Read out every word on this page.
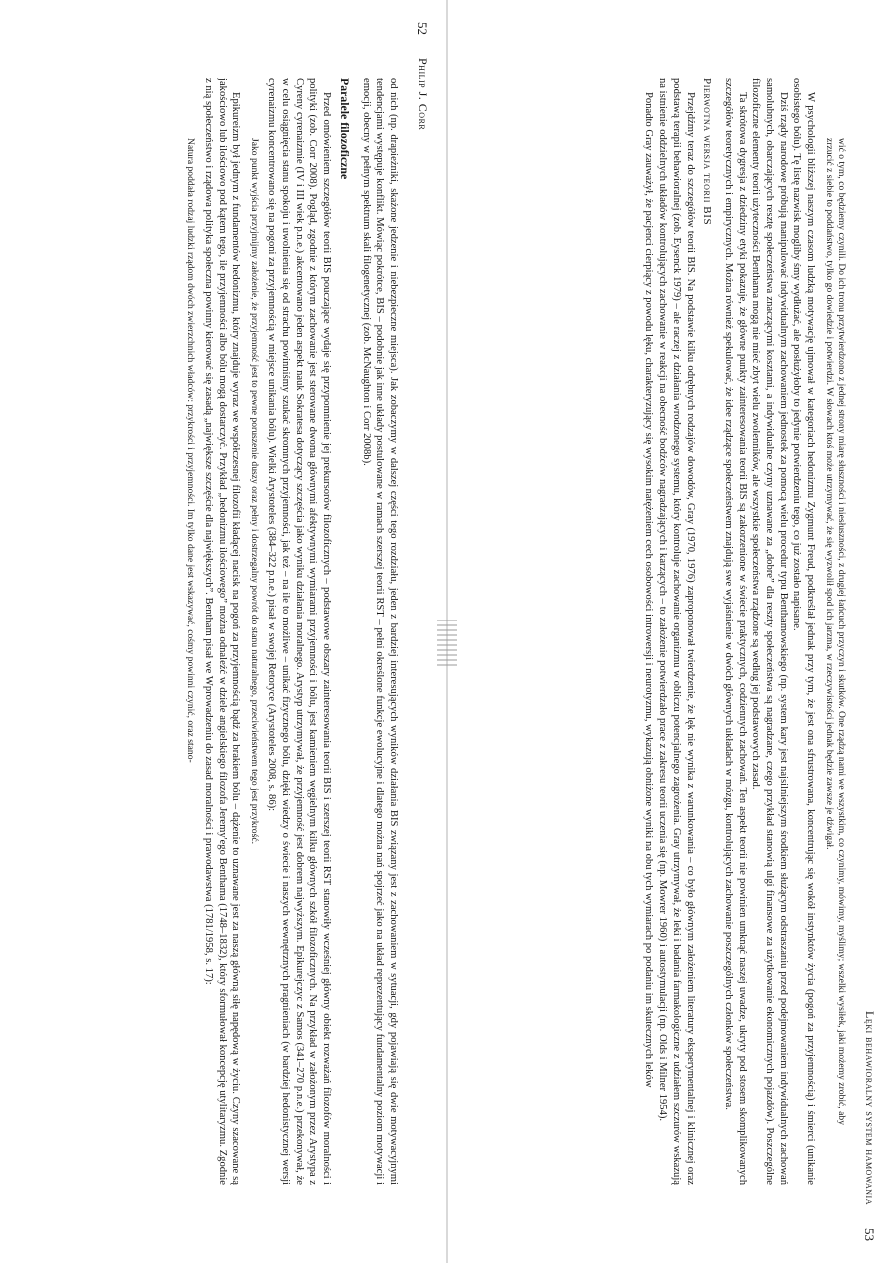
52
Philip J. Corr

od nich (np. drapieżniki, skażone jedzenie i niebezpieczne miejsca). Jak zobaczymy w dalszej części tego rozdziału, jeden z bardziej interesujących wyników działania BIS związany jest z zachowaniem w sytuacji, gdy pojawiają się dwie motywacyjnymi tendencjami występuje konflikt. Mówiąc pokrótce, BIS – podobnie jak inne układy postulowane w ramach szerszej teorii RST – pełni określone funkcje ewolucyjne i dlatego można nań spojrzeć jako na układ reprezentujący fundamentalny poziom motywacji i emocji, obecny w pełnym spektrum skali filogenetycznej (zob. McNaughton i Corr 2008b).

Paralele filozoficzne

Przed omówieniem szczegółów teorii BIS pouczające wydaje się przypomnienie jej prekursorów filozoficznych – podstawowe obszary zainteresowania teorii BIS i szerszej teorii RST stanowiły wcześniej główny obiekt rozważań filozofów moralności i polityki (zob. Corr 2008). Pogląd, zgodnie z którym zachowanie jest sterowane dwoma głównymi afektywnymi wymiarami przyjemności i bólu, jest kamieniem węgielnym kilku głównych szkół filozoficznych. Na przykład w założonym przez Arystypa z Cyreny cyrenaizmie (IV i III wiek p.n.e.) akcentowano jeden aspekt nauk Sokratesa dotyczący szczęścia jako wyniku działania moralnego. Arystyp utrzymywał, że przyjemność jest dobrem najwyższym. Epikurejczyc z Samos (341–270 p.n.e.) przekonywał, że w celu osiągnięcia stanu spokoju i uwolnienia się od strachu powinniśmy szukać skromnych przyjemności, jak też – na ile to możliwe – unikać fizycznego bólu, dzięki wiedzy o świecie i naszych wewnętrznych pragnieniach (w bardziej hedonistycznej wersji cyrenaizmu koncentrowano się na pogoni za przyjemnością w miejsce unikania bólu). Wielki Arystoteles (384–322 p.n.e.) pisał w swojej Retoryce (Arystoteles 2008, s. 86):

Jako punkt wyjścia przyjmijmy założenie, że przyjemność jest to pewne poruszenie duszy oraz pełny i dostrzegalny powrót do stanu naturalnego, przeciwieństwem tego jest przykrość.

Epikureizm był jednym z fundamentów hedonizmu, który znajduje wyraz we współczesnej filozofii kładącej nacisk na pogoń za przyjemnością bądź za brakiem bólu – dążenie to uznawane jest za naszą główną siłę napędową w życiu. Czyny szacowane są jakościowo lub ilościowo pod kątem tego, ile przyjemności albo bólu mogą dostarczyć. Przykład „hedonizmu ilościowego” można odnaleźć w dziele angielskiego filozofa Jeremy'ego Benthama (1748–1832), który sformułował koncepcję utylitaryzmu. Zgodnie z nią społeczeństwo i rządowa polityka społeczna powinny kierować się zasadą „największe szczęście dla największych”. Bentham pisał we Wprowadzeniu do zasad moralności i prawodawstwa (1781/1958, s. 17):

Natura poddała rodzaj ludzki rządom dwóch zwierzchnich władców: przykrości i przyjemności. Im tylko dane jest wskazywać, cośmy powinni czynić, oraz stano-
Lęki behawioralny system hamowania
53
wić o tym, co będziemy czynili. Do ich tronu przytwierdzono z jednej strony miarę słuszności i niesłuszności, z drugiej łańcuch przyczyn i skutków. One rządzą nami we wszystkim, co czynimy, mówimy, myślimy; wszelki wysiłek, jaki możemy zrobić, aby zrzucić z siebie to poddaństwo, tylko go dowiedzie i potwierdzi. W słowach ktoś może utrzymywać, że się wyzwolił spod ich jarzma, w rzeczywistości jednak będzie zawsze je dźwigał.

W psychologii bliższej naszym czasom ludzką motywację ujmował w kategoriach hedonizmu Zygmunt Freud, podkreślał jednak przy tym, że jest ona sfrustrowana, koncentrując się wokół instynktów życia (pogoń za przyjemnością) i śmierci (unikanie osobistego bólu). Tę listę nazwisk mogliby śmy wydłużać, ale posłużyłoby to jedynie potwierdzeniu tego, co już zostało napisane.

Dziś rządy narodowe próbują manipulować indywidualnym zachowaniem jednostek za pomocą wielu procedur typu Benthamowskiego (np. system kary jest najsilniejszym środkiem służącym odstraszaniu przed podejmowaniem indywidualnych zachowań samolubnych, obarczających resztę społeczeństwa znaczącymi kosztami, a indywidualne czyny uznawane za „dobre” dla reszty społeczeństwa są nagradzane, czego przykład stanowią ulgi finansowe za użytkowanie ekonomicznych pojazdów). Poszczególne filozoficzne elementy teorii użyteczności Benthama mogą nie mieć zbyt wielu zwolenników, ale wszystkie społeczeństwa rządzone są według jej podstawowych zasad.

Ta skrótowa dygresja z dziedziny etyki pokazuje, że główne punkty zainteresowania teorii BIS są zakorzenione w świecie praktycznych, codziennych zachowań. Ten aspekt teorii nie powinien umknąć naszej uwadze, ukryty pod stosem skomplikowanych szczegółów teoretycznych i empirycznych. Można również spekulować, że idee rządzące społeczeństwem znajdują swe wyjaśnienie w dwóch głównych układach w mózgu, kontrolujących zachowanie poszczególnych członków społeczeństwa.

Pierwotna wersja teorii BIS

Przejdźmy teraz do szczegółów teorii BIS. Na podstawie kilku odrębnych rodzajów dowodów, Gray (1970, 1976) zaproponował twierdzenie, że lęk nie wynika z warunkowania – co było głównym założeniem literatury eksperymentalnej i klinicznej oraz podstawą terapii behawioralnej (zob. Eysenck 1979) – ale raczej z działania wrodzonego systemu, który kontroluje zachowanie organizmu w obliczu potencjalnego zagrożenia. Gray utrzymywał, że leki i badania farmakologiczne z udziałem szczurów wskazują na istnienie oddzielnych układów kontrolujących zachowanie w reakcji na obecność bodźców nagradzających i karzących – to założenie potwierdzało prace z zakresu teorii uczenia się (np. Mowrer 1960) i autostymulacji (np. Olds i Milner 1954).

Ponadto Gray zauważył, że pacjenci cierpiący z powodu lęku, charakteryzujący się wysokim natężeniem cech osobowości introwersji i neurotyzmu, wykazują obniżone wyniki na obu tych wymiarach po podaniu im skutecznych leków
